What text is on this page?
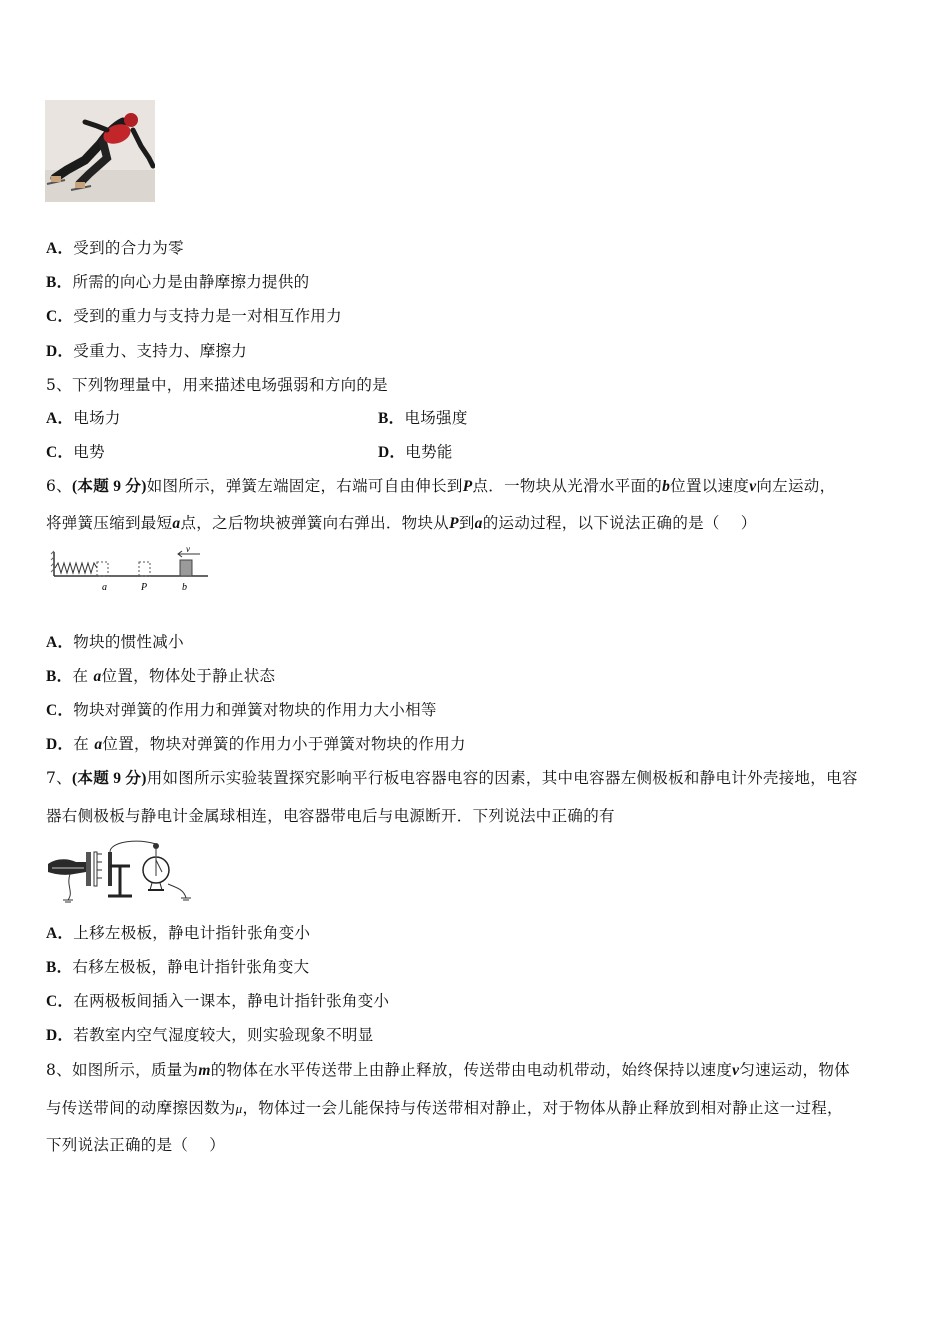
A．受到的合力为零
B．所需的向心力是由静摩擦力提供的
C．受到的重力与支持力是一对相互作用力
D．受重力、支持力、摩擦力
5、下列物理量中，用来描述电场强弱和方向的是
A．电场力	B．电场强度
C．电势	D．电势能
6、(本题 9 分)如图所示，弹簧左端固定，右端可自由伸长到P点．一物块从光滑水平面的b位置以速度v向左运动，
将弹簧压缩到最短a点，之后物块被弹簧向右弹出．物块从P到a的运动过程，以下说法正确的是（　 ）
v
a	P	b
A．物块的惯性减小
B．在 a位置，物体处于静止状态
C．物块对弹簧的作用力和弹簧对物块的作用力大小相等
D．在 a位置，物块对弹簧的作用力小于弹簧对物块的作用力
7、(本题 9 分)用如图所示实验装置探究影响平行板电容器电容的因素，其中电容器左侧极板和静电计外壳接地，电容
器右侧极板与静电计金属球相连，电容器带电后与电源断开．下列说法中正确的有
A．上移左极板，静电计指针张角变小
B．右移左极板，静电计指针张角变大
C．在两极板间插入一课本，静电计指针张角变小
D．若教室内空气湿度较大，则实验现象不明显
8、如图所示，质量为m的物体在水平传送带上由静止释放，传送带由电动机带动，始终保持以速度v匀速运动，物体
与传送带间的动摩擦因数为μ，物体过一会儿能保持与传送带相对静止，对于物体从静止释放到相对静止这一过程，
下列说法正确的是（　 ）
